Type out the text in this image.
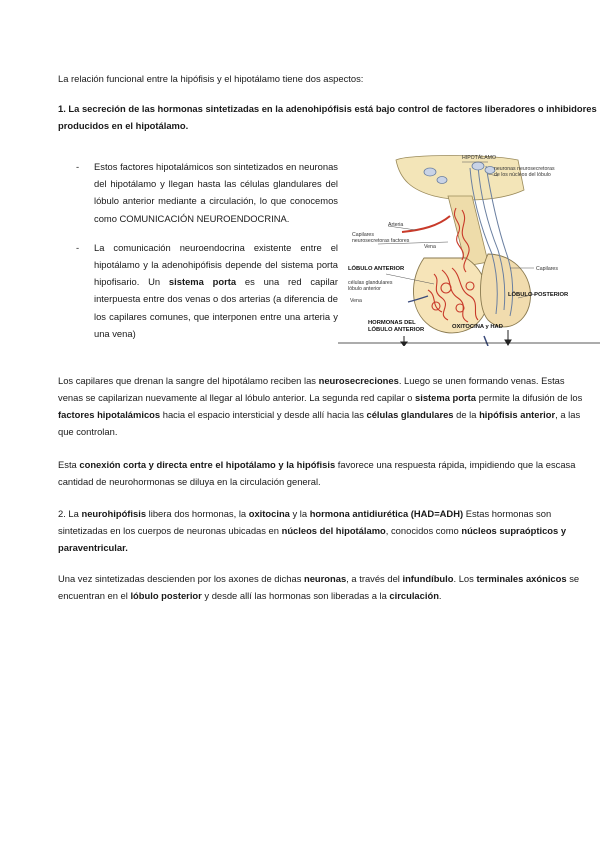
La relación funcional entre la hipófisis y el hipotálamo tiene dos aspectos:
1. La secreción de las hormonas sintetizadas en la adenohipófisis está bajo control de factores liberadores o inhibidores
producidos en el hipotálamo.
- Estos factores hipotalámicos son sintetizados en neuronas del hipotálamo y llegan hasta las células glandulares del lóbulo anterior mediante a circulación, lo que conocemos como COMUNICACIÓN NEUROENDOCRINA.
- La comunicación neuroendocrina existente entre el hipotálamo y la adenohipófisis depende del sistema porta hipofisario. Un sistema porta es una red capilar interpuesta entre dos venas o dos arterias (a diferencia de los capilares comunes, que interponen entre una arteria y una vena)
HIPOTÁLAMO
neuronas neurosecretoras
de los núcleos del lóbulo
Arteria
Capilares
neurosecretoras factores
Vena
células glandulares
lóbulo anterior
Vena
Capilares
LÓBULO ANTERIOR
LÓBULO POSTERIOR
HORMONAS DEL
LÓBULO ANTERIOR	OXITOCINA y HAD
Los capilares que drenan la sangre del hipotálamo reciben las neurosecreciones. Luego se unen formando venas. Estas
venas se capilarizan nuevamente al llegar al lóbulo anterior. La segunda red capilar o sistema porta permite la difusión de los
factores hipotalámicos hacia el espacio intersticial y desde allí hacia las células glandulares de la hipófisis anterior, a las
que controlan.
Esta conexión corta y directa entre el hipotálamo y la hipófisis favorece una respuesta rápida, impidiendo que la escasa
cantidad de neurohormonas se diluya en la circulación general.
2. La neurohipófisis libera dos hormonas, la oxitocina y la hormona antidiurética (HAD=ADH) Estas hormonas son
sintetizadas en los cuerpos de neuronas ubicadas en núcleos del hipotálamo, conocidos como núcleos supraópticos y
paraventricular.
Una vez sintetizadas descienden por los axones de dichas neuronas, a través del infundíbulo. Los terminales axónicos se
encuentran en el lóbulo posterior y desde allí las hormonas son liberadas a la circulación.
